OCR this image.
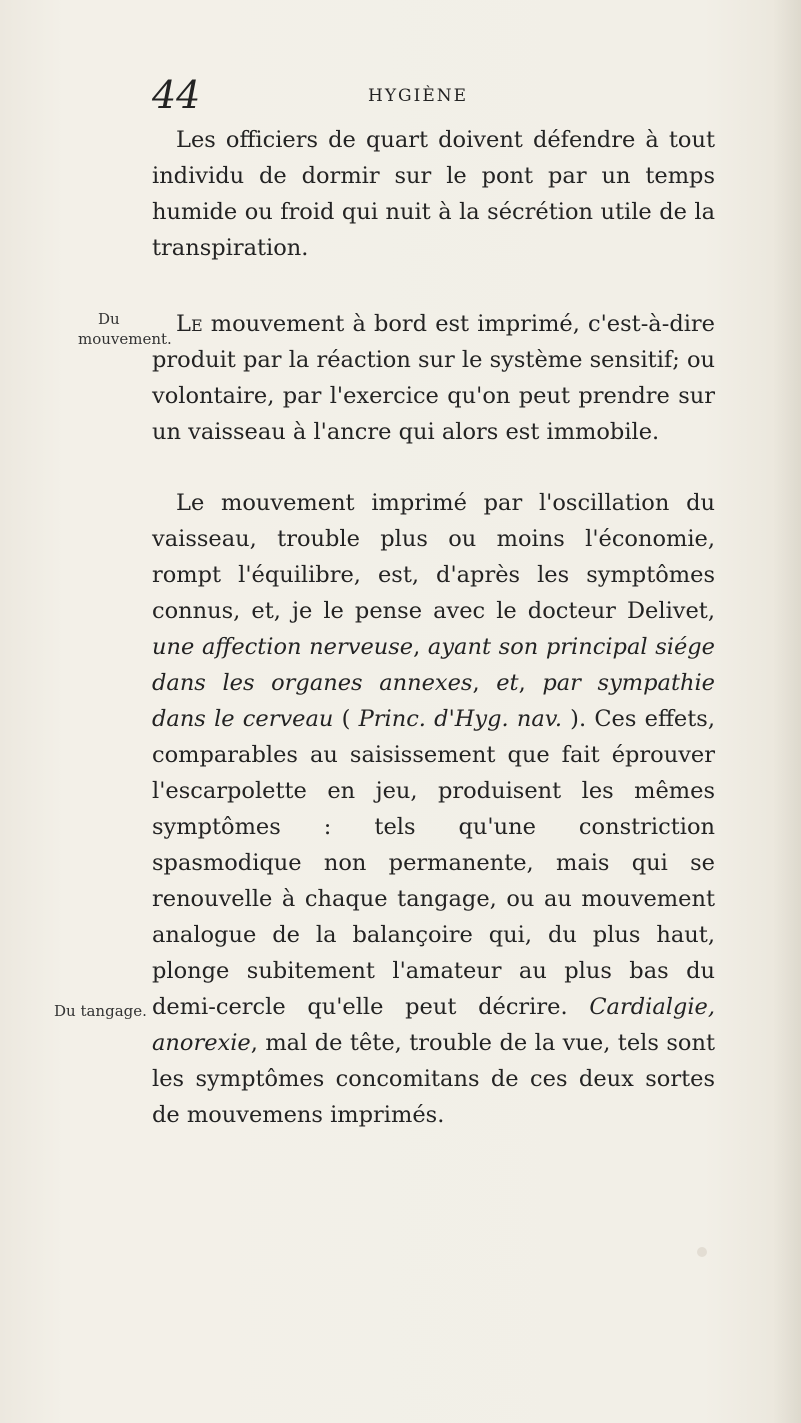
44	HYGIÈNE
Du
mouvement.
Du tangage.

Les officiers de quart doivent défendre à tout individu de dormir sur le pont par un temps humide ou froid qui nuit à la sécrétion utile de la transpiration.

Le mouvement à bord est imprimé, c'est-à-dire produit par la réaction sur le système sensitif; ou volontaire, par l'exercice qu'on peut prendre sur un vaisseau à l'ancre qui alors est immobile.

Le mouvement imprimé par l'oscillation du vaisseau, trouble plus ou moins l'économie, rompt l'équilibre, est, d'après les symptômes connus, et, je le pense avec le docteur Delivet, une affection nerveuse, ayant son principal siége dans les organes annexes, et, par sympathie dans le cerveau ( Princ. d'Hyg. nav. ). Ces effets, comparables au saisissement que fait éprouver l'escarpolette en jeu, produisent les mêmes symptômes : tels qu'une constriction spasmodique non permanente, mais qui se renouvelle à chaque tangage, ou au mouvement analogue de la balançoire qui, du plus haut, plonge subitement l'amateur au plus bas du demi-cercle qu'elle peut décrire. Cardialgie, anorexie, mal de tête, trouble de la vue, tels sont les symptômes concomitans de ces deux sortes de mouvemens imprimés.
